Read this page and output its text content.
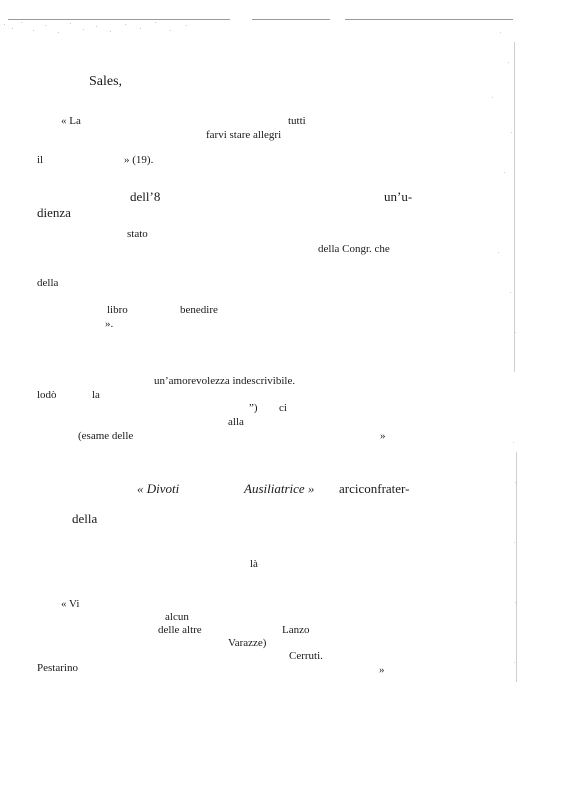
Sales,
« La	tutti
farvi stare allegri
il	» (19).
dell’8	un’u-
dienza
stato
della Congr. che
della
libro	benedire
».
un’amorevolezza indescrivibile.
lodò	la
”) ci
alla
(esame delle	»
« Divoti	Ausiliatrice » arciconfrater-
della
là
« Vi
alcun
delle altre	Lanzo
Varazze)
Cerruti.
Pestarino	»
